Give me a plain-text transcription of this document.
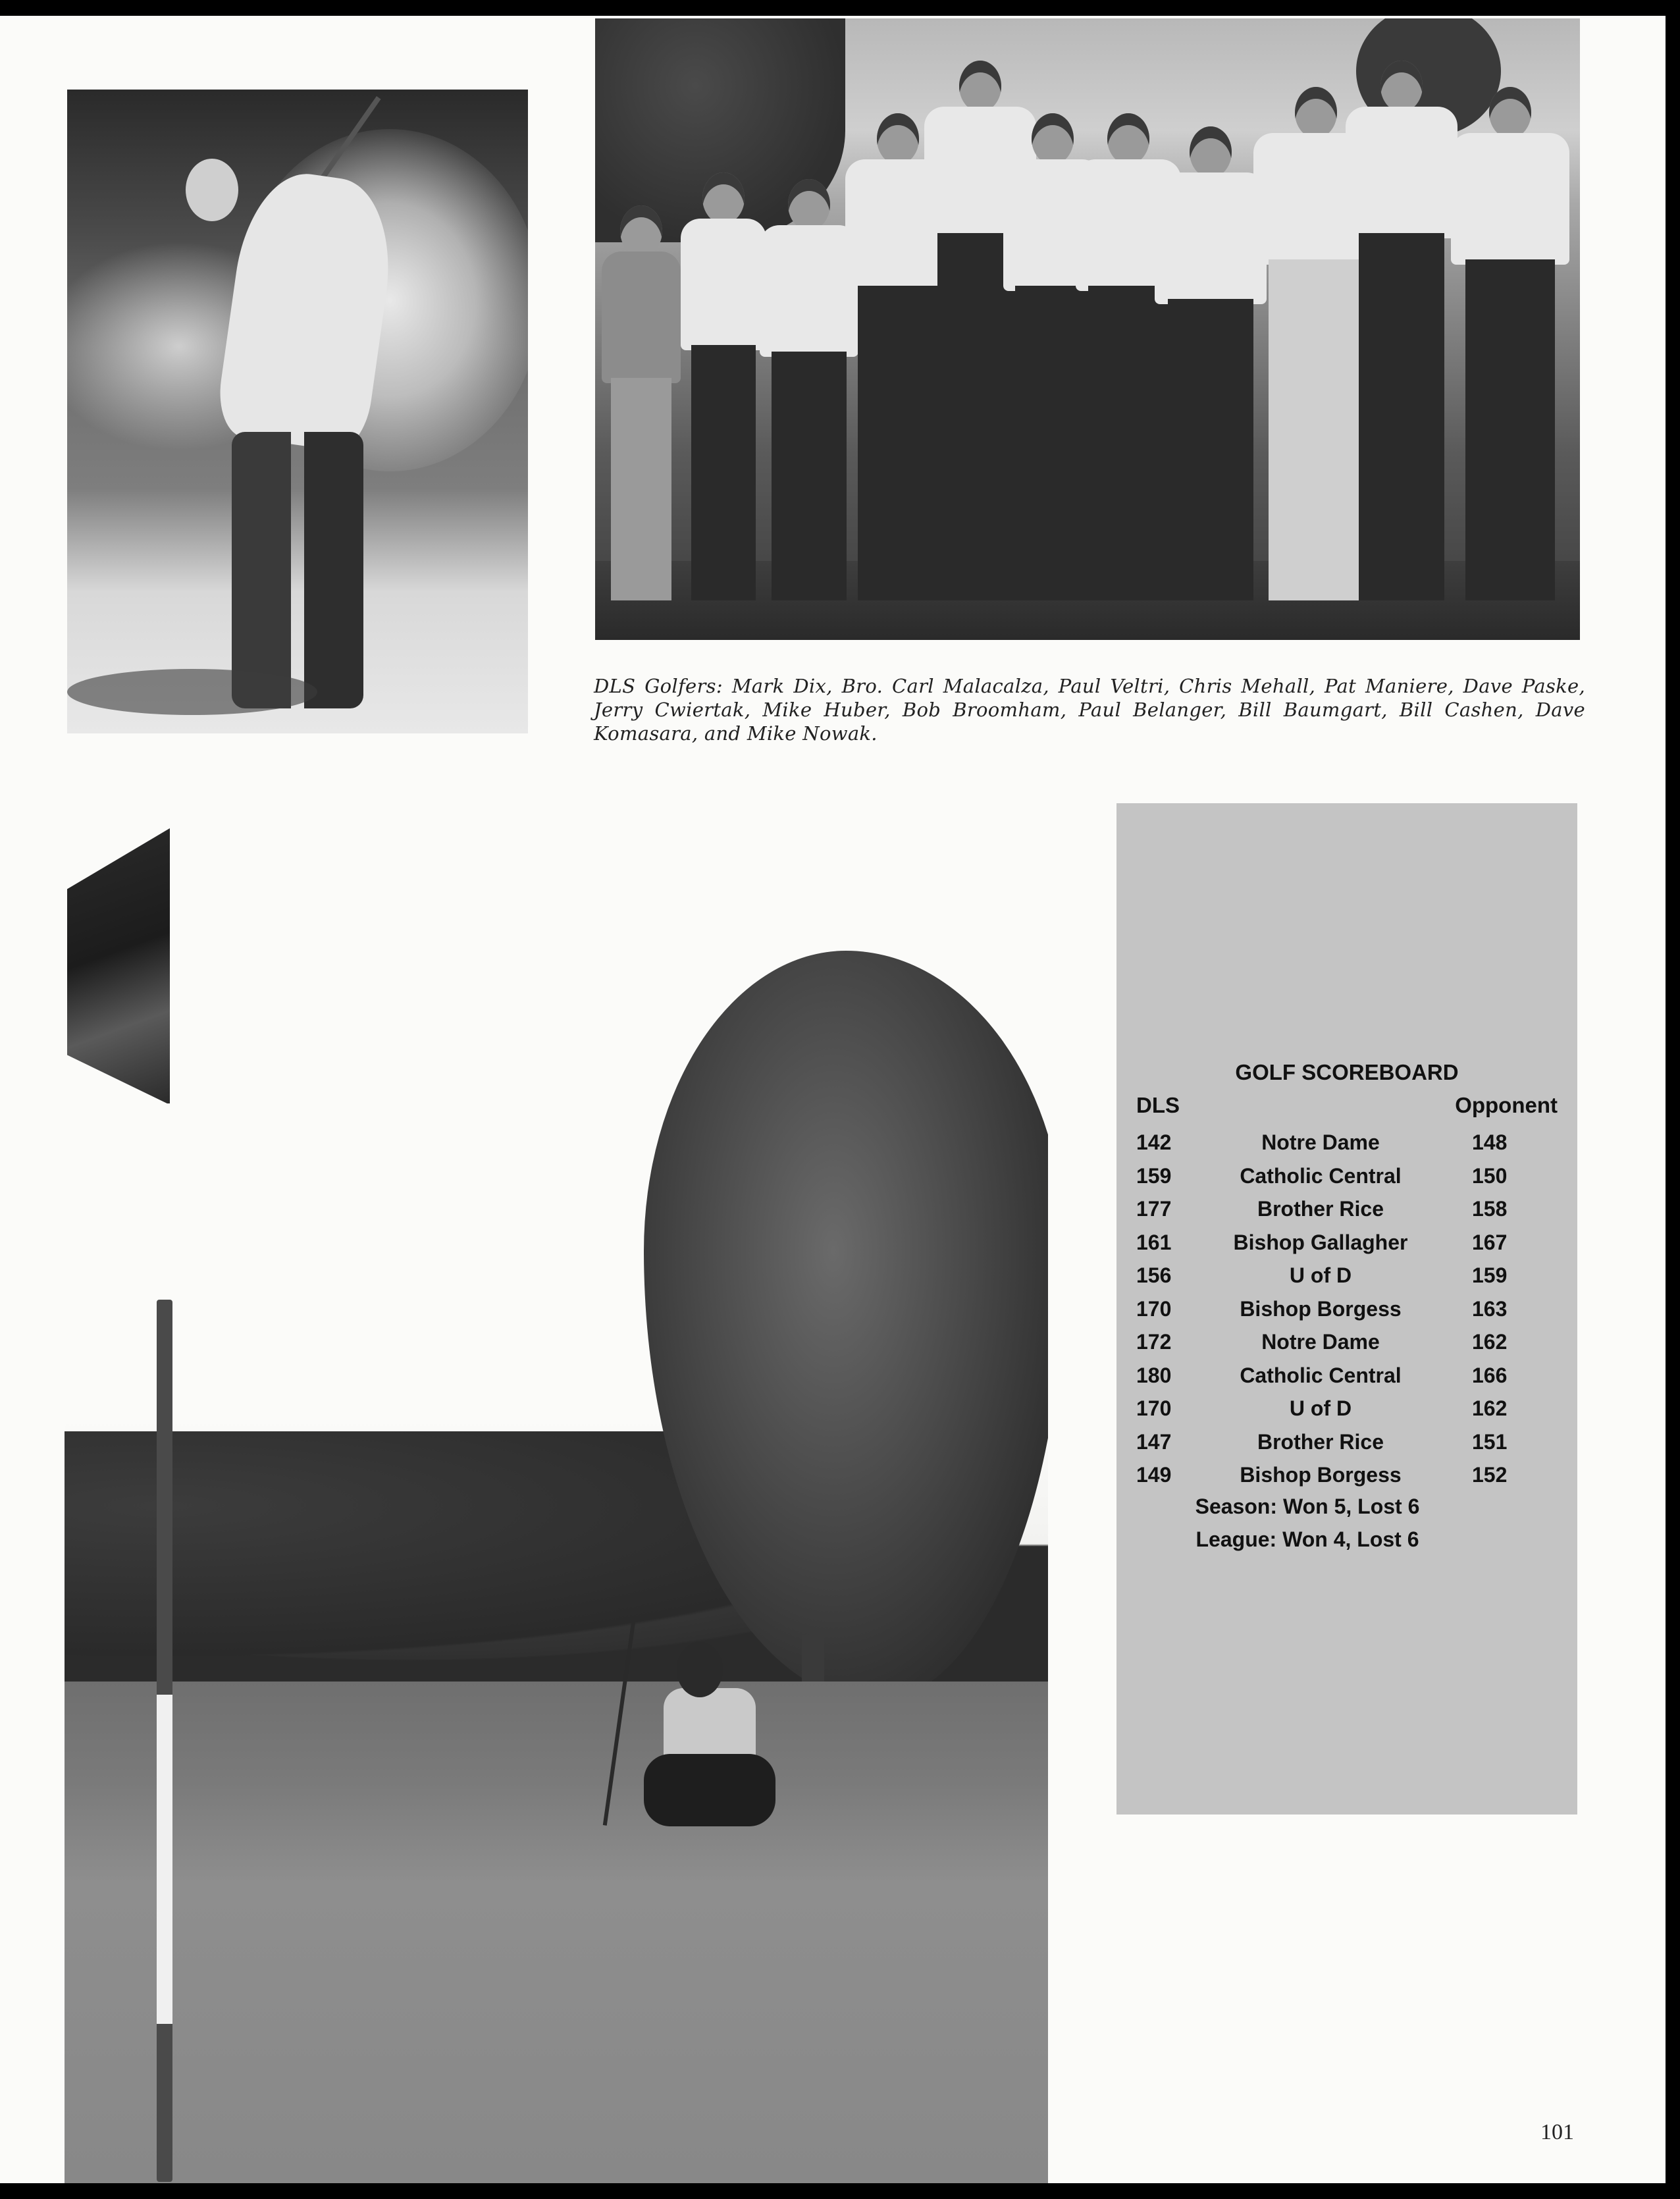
DLS Golfers: Mark Dix, Bro. Carl Malacalza, Paul Veltri, Chris Mehall, Pat Maniere, Dave Paske, Jerry Cwiertak, Mike Huber, Bob Broomham, Paul Belanger, Bill Baumgart, Bill Cashen, Dave Komasara, and Mike Nowak.
GOLF SCOREBOARD
DLS	Opponent
142	Notre Dame	148
159	Catholic Central	150
177	Brother Rice	158
161	Bishop Gallagher	167
156	U of D	159
170	Bishop Borgess	163
172	Notre Dame	162
180	Catholic Central	166
170	U of D	162
147	Brother Rice	151
149	Bishop Borgess	152
Season: Won 5, Lost 6
League: Won 4, Lost 6
101
